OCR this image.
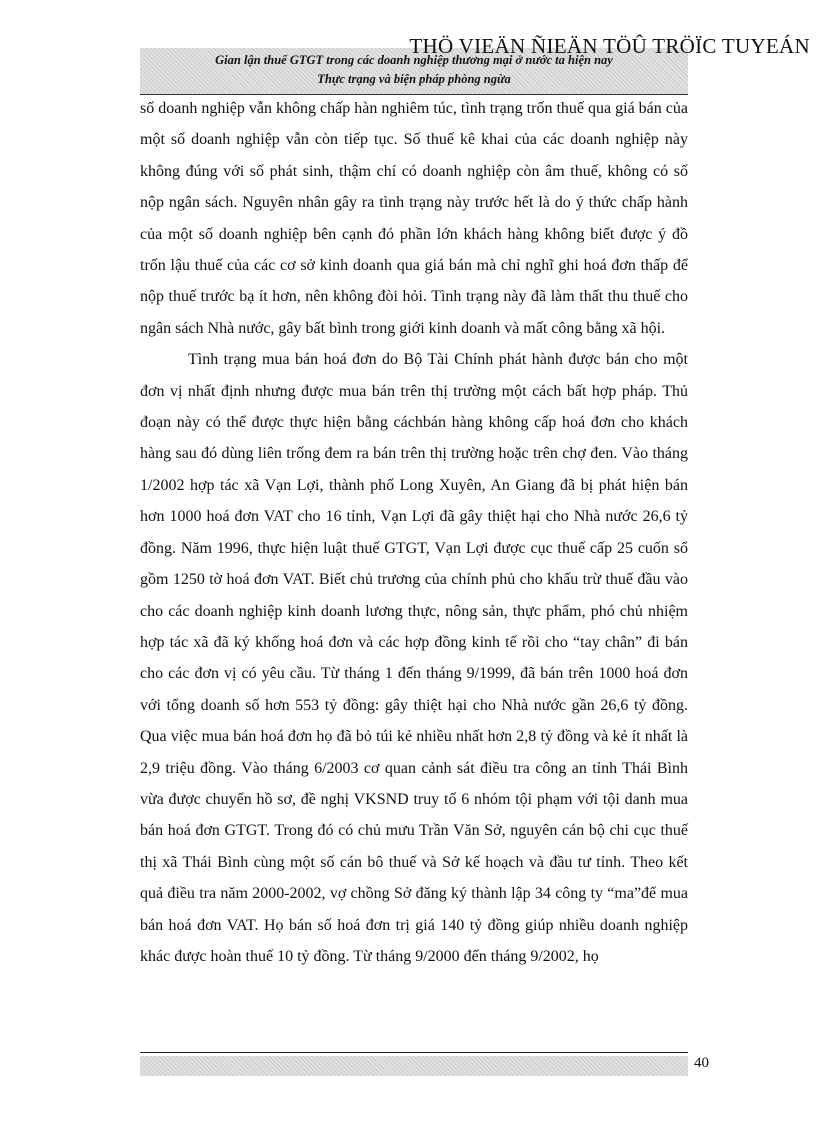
Gian lận thuế GTGT trong các doanh nghiệp thương mại ở nước ta hiện nay
Thực trạng và biện pháp phòng ngừa
THÖ VIEÄN ÑIEÄN TÖÛ TRÖÏC TUYEÁN

số doanh nghiệp vẫn không chấp hàn nghiêm túc, tình trạng trốn thuế qua giá bán của một số doanh nghiệp vẫn còn tiếp tục. Số thuế kê khai của các doanh nghiệp này không đúng với số phát sinh, thậm chí có doanh nghiệp còn âm thuế, không có số nộp ngân sách. Nguyên nhân gây ra tình trạng này trước hết là do ý thức chấp hành của một số doanh nghiệp bên cạnh đó phần lớn khách hàng không biết được ý đồ trốn lậu thuế của các cơ sở kinh doanh qua giá bán mà chỉ nghĩ ghi hoá đơn thấp để nộp thuế trước bạ ít hơn, nên không đòi hỏi. Tình trạng này đã làm thất thu thuế cho ngân sách Nhà nước, gây bất bình trong giới kinh doanh và mất công bằng xã hội.

Tình trạng mua bán hoá đơn do Bộ Tài Chính phát hành được bán cho một đơn vị nhất định nhưng được mua bán trên thị trường một cách bất hợp pháp. Thủ đoạn này có thể được thực hiện bằng cáchbán hàng không cấp hoá đơn cho khách hàng sau đó dùng liên trống đem ra bán trên thị trường hoặc trên chợ đen. Vào tháng 1/2002 hợp tác xã Vạn Lợi, thành phố Long Xuyên, An Giang đã bị phát hiện bán hơn 1000 hoá đơn VAT cho 16 tỉnh, Vạn Lợi đã gây thiệt hại cho Nhà nước 26,6 tỷ đồng. Năm 1996, thực hiện luật thuế GTGT, Vạn Lợi được cục thuế cấp 25 cuốn sổ gồm 1250 tờ hoá đơn VAT. Biết chủ trương của chính phủ cho khấu trừ thuế đầu vào cho các doanh nghiệp kinh doanh lương thực, nông sản, thực phẩm, phó chủ nhiệm hợp tác xã đã ký khống hoá đơn và các hợp đồng kinh tế rồi cho “tay chân” đi bán cho các đơn vị có yêu cầu. Từ tháng 1 đến tháng 9/1999, đã bán trên 1000 hoá đơn với tổng doanh số hơn 553 tỷ đồng: gây thiệt hại cho Nhà nước gần 26,6 tỷ đồng. Qua việc mua bán hoá đơn họ đã bỏ túi kẻ nhiều nhất hơn 2,8 tỷ đồng và kẻ ít nhất là 2,9 triệu đồng. Vào tháng 6/2003 cơ quan cảnh sát điều tra công an tỉnh Thái Bình vừa được chuyển hồ sơ, đề nghị VKSND truy tố 6 nhóm tội phạm với tội danh mua bán hoá đơn GTGT. Trong đó có chủ mưu Trần Văn Sở, nguyên cán bộ chi cục thuế thị xã Thái Bình cùng một số cán bô thuế và Sở kế hoạch và đầu tư tỉnh. Theo kết quả điều tra năm 2000-2002, vợ chồng Sở đăng ký thành lập 34 công ty “ma”để mua bán hoá đơn VAT. Họ bán số hoá đơn trị giá 140 tỷ đồng giúp nhiều doanh nghiệp khác được hoàn thuế 10 tỷ đồng. Từ tháng 9/2000 đến tháng 9/2002, họ

40
